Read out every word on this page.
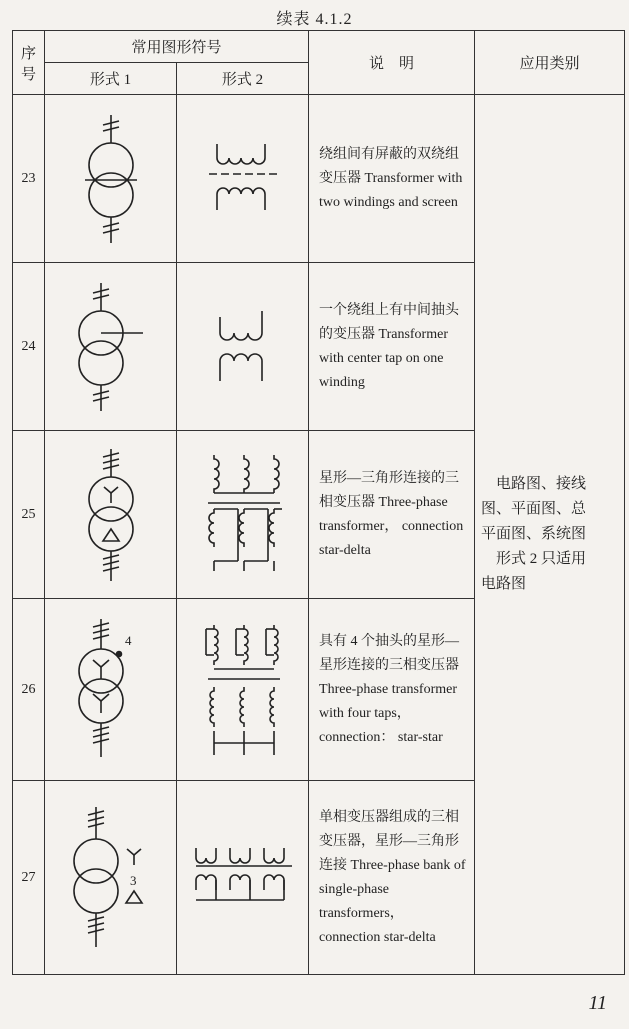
续表 4.1.2
序
号	常用图形符号		说　明	应用类别
	形式 1	形式 2		
23			绕组间有屏蔽的双绕组变压器 Transformer with two windings and screen	电路图、接线
图、平面图、总
平面图、系统图
形式 2 只适用
电路图

24			一个绕组上有中间抽头的变压器 Transformer with center tap on one winding	
25			星形—三角形连接的三相变压器 Three-phase transformer， connection star-delta	
26	4		具有 4 个抽头的星形—星形连接的三相变压器 Three-phase transformer with four taps， connection： star-star	
27	3		单相变压器组成的三相变压器，星形—三角形连接 Three-phase bank of single-phase transformers， connection star-delta	
11
